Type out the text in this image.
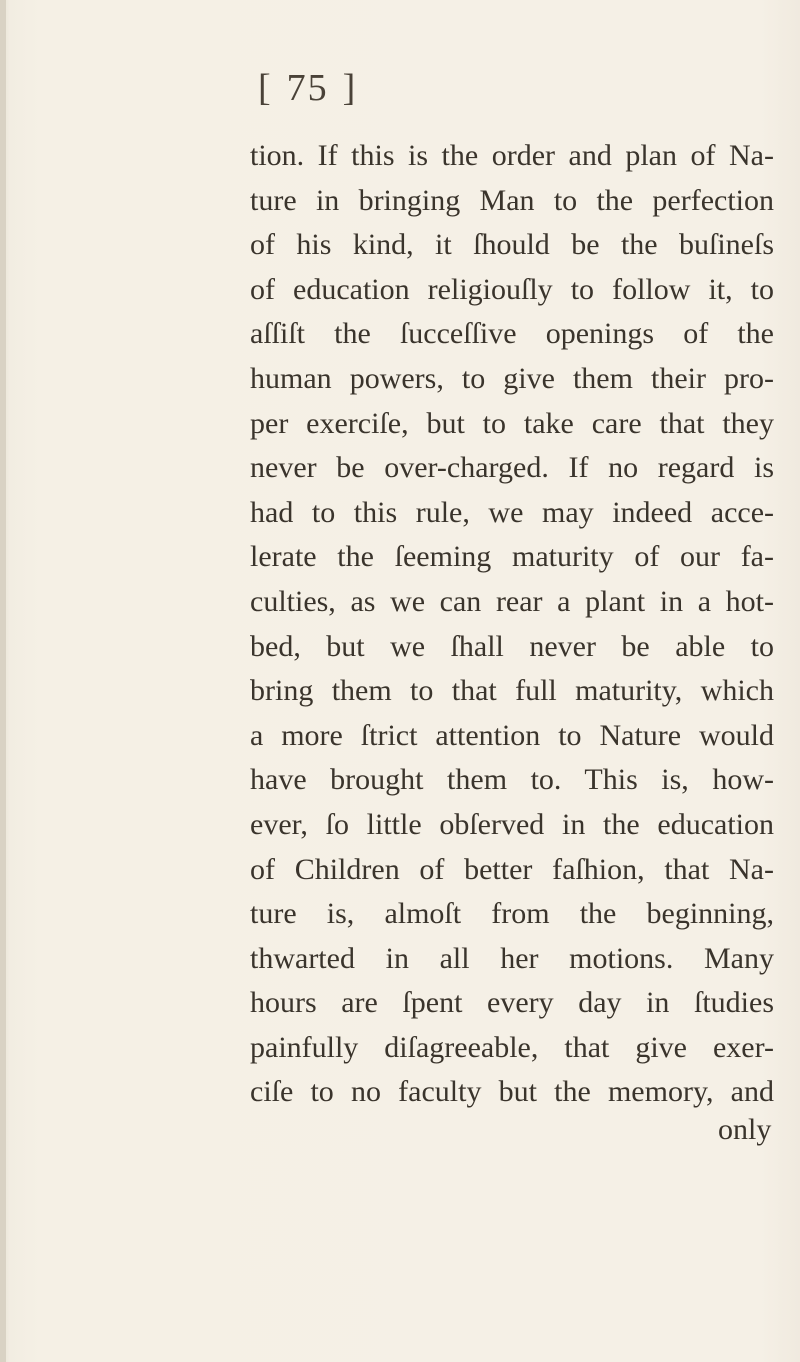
[ 75 ]
tion. If this is the order and plan of Na-
ture in bringing Man to the perfection
of his kind, it ſhould be the buſineſs
of education religiouſly to follow it, to
aſſiſt the ſucceſſive openings of the
human powers, to give them their pro-
per exerciſe, but to take care that they
never be over-charged. If no regard is
had to this rule, we may indeed acce-
lerate the ſeeming maturity of our fa-
culties, as we can rear a plant in a hot-
bed, but we ſhall never be able to
bring them to that full maturity, which
a more ſtrict attention to Nature would
have brought them to. This is, how-
ever, ſo little obſerved in the education
of Children of better faſhion, that Na-
ture is, almoſt from the beginning,
thwarted in all her motions. Many
hours are ſpent every day in ſtudies
painfully diſagreeable, that give exer-
ciſe to no faculty but the memory, and
only
